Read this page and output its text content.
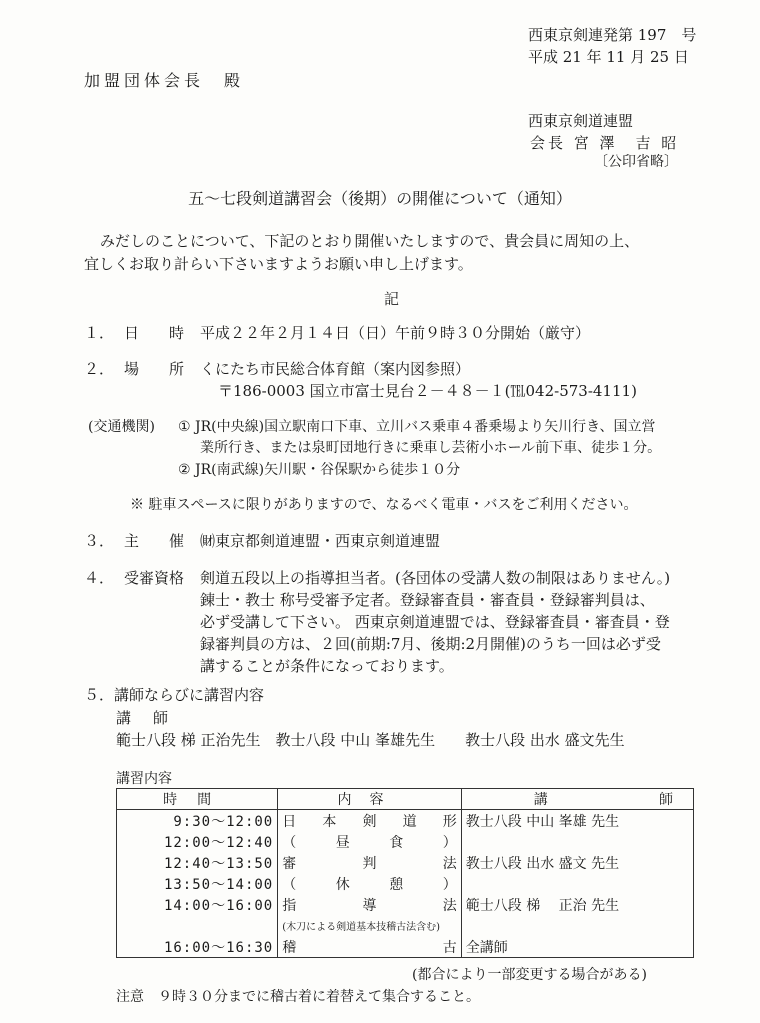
西東京剣連発第 197　号
平成 21 年 11 月 25 日
加盟団体会長　殿
西東京剣道連盟
会長 宮 澤　吉 昭
〔公印省略〕
五～七段剣道講習会（後期）の開催について（通知）
みだしのことについて、下記のとおり開催いたしますので、貴会員に周知の上、
宜しくお取り計らい下さいますようお願い申し上げます。
記
１． 日時
平成２２年２月１４日（日）午前９時３０分開始（厳守）
２． 場所
くにたち市民総合体育館（案内図参照）
〒186-0003 国立市富士見台２－４８－１(℡042-573-4111)
(交通機関) ① JR(中央線)国立駅南口下車、立川バス乗車４番乗場より矢川行き、国立営
業所行き、または泉町団地行きに乗車し芸術小ホール前下車、徒歩１分。
② JR(南武線)矢川駅・谷保駅から徒歩１０分
※ 駐車スペースに限りがありますので、なるべく電車・バスをご利用ください。
３． 主催
㈶東京都剣道連盟・西東京剣道連盟
４． 受審資格 剣道五段以上の指導担当者。(各団体の受講人数の制限はありません。)
錬士・教士 称号受審予定者。登録審査員・審査員・登録審判員は、
必ず受講して下さい。 西東京剣道連盟では、登録審査員・審査員・登
録審判員の方は、２回(前期:7月、後期:2月開催)のうち一回は必ず受
講することが条件になっております。
５． 講師ならびに講習内容
講師
範士八段 梯 正治先生　教士八段 中山 峯雄先生　　教士八段 出水 盛文先生
講習内容
時間	内容	講　師
9:30～12:00	日本剣道形	教士八段 中山 峯雄 先生
12:00～12:40	（昼食）	
12:40～13:50	審判法	教士八段 出水 盛文 先生
13:50～14:00	（休憩）	
14:00～16:00	指導法	範士八段 梯　 正治 先生
	(木刀による剣道基本技稽古法含む)	
16:00～16:30	稽古	全講師
(都合により一部変更する場合がある)
注意　９時３０分までに稽古着に着替えて集合すること。
